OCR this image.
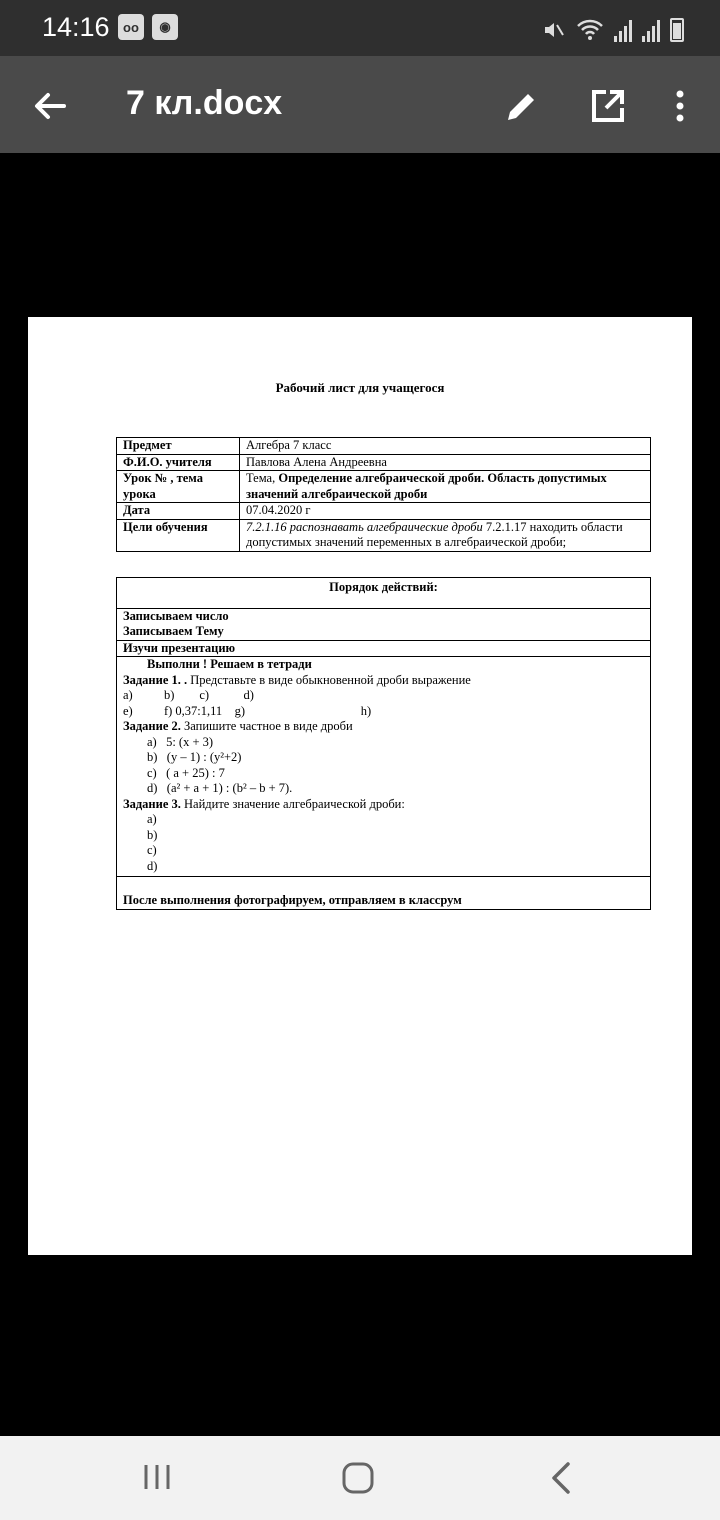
14:16	oo	◉
7 кл.docx
Рабочий лист для учащегося
Предмет	Алгебра 7 класс
Ф.И.О. учителя	Павлова Алена Андреевна
Урок № , тема урока	Тема, Определение алгебраической дроби. Область допустимых значений алгебраической дроби
Дата	07.04.2020 г
Цели обучения	7.2.1.16 распознавать алгебраические дроби 7.2.1.17 находить области допустимых значений переменных в алгебраической дроби;
Порядок действий:

Записываем число
Записываем Тему

Изучи презентацию

Выполни ! Решаем в тетради
Задание 1. . Представьте в виде обыкновенной дроби выражение
a)          b)        c)           d)
e)          f) 0,37:1,11    g)                                     h)
Задание 2. Запишите частное в виде дроби
a)   5: (x + 3)
b)   (y – 1) : (y²+2)
c)   ( a + 25) : 7
d)   (a² + a + 1) : (b² – b + 7).
Задание 3. Найдите значение алгебраической дроби:
a)
b)
c)
d)

После выполнения фотографируем, отправляем в классрум
